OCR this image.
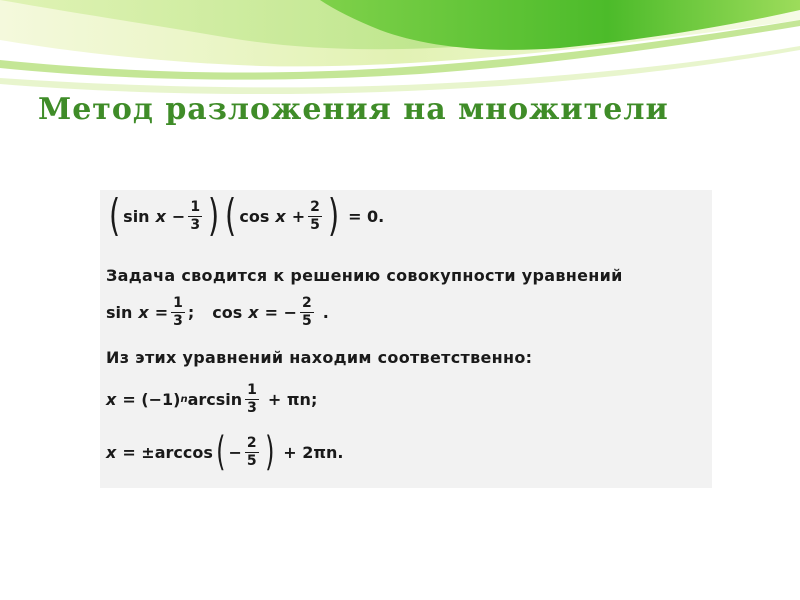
Метод разложения на множители
( $\sin x - \frac{1}{3}$ ) ( $\cos x + \frac{2}{5}$ ) = 0.
Задача сводится к решению совокупности уравнений
$\sin x = \frac{1}{3}$ ; cos x = − $\frac{2}{5}$ .
Из этих уравнений находим соответственно:
x = (−1) n $\arcsin \frac{1}{3} + \pi n$;
x = ±arccos ( − $\frac{2}{5}$ ) + 2πn.
